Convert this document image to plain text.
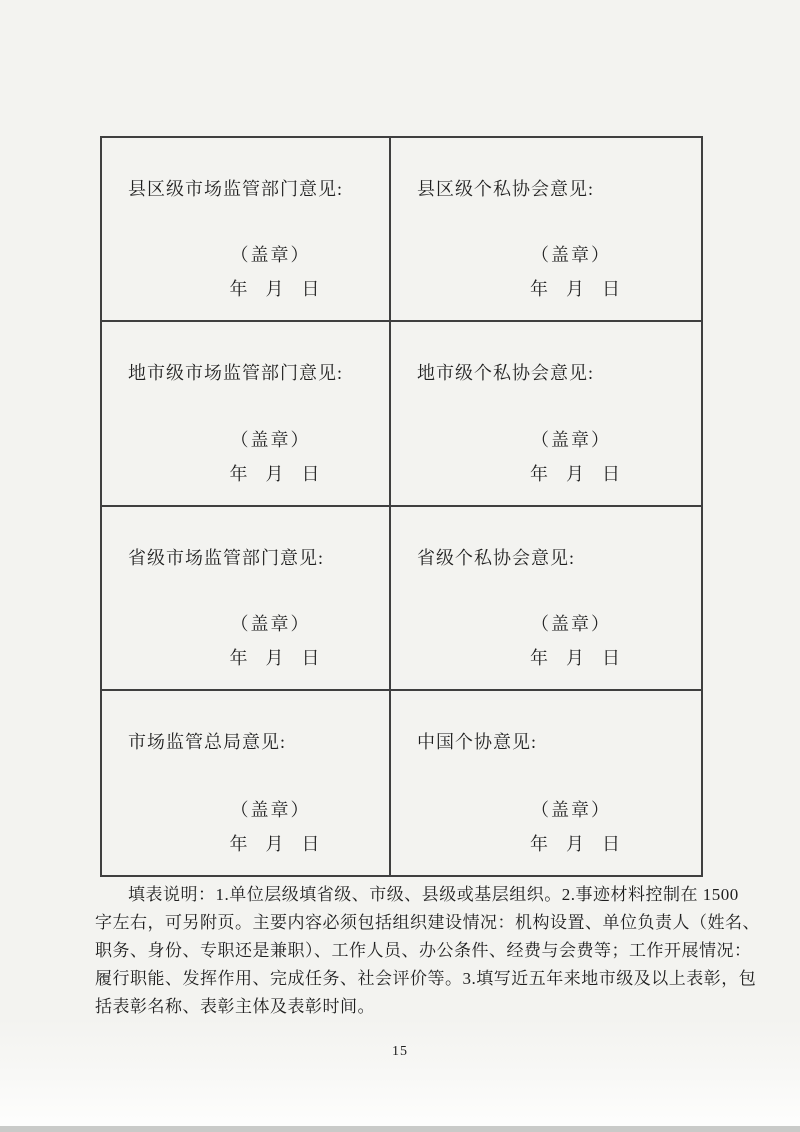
县区级市场监管部门意见:
（盖章）
年　月　日
县区级个私协会意见:
（盖章）
年　月　日
地市级市场监管部门意见:
（盖章）
年　月　日
地市级个私协会意见:
（盖章）
年　月　日
省级市场监管部门意见:
（盖章）
年　月　日
省级个私协会意见:
（盖章）
年　月　日
市场监管总局意见:
（盖章）
年　月　日
中国个协意见:
（盖章）
年　月　日
填表说明：1.单位层级填省级、市级、县级或基层组织。2.事迹材料控制在 1500
字左右，可另附页。主要内容必须包括组织建设情况：机构设置、单位负责人（姓名、
职务、身份、专职还是兼职）、工作人员、办公条件、经费与会费等；工作开展情况：
履行职能、发挥作用、完成任务、社会评价等。3.填写近五年来地市级及以上表彰，包
括表彰名称、表彰主体及表彰时间。
15
